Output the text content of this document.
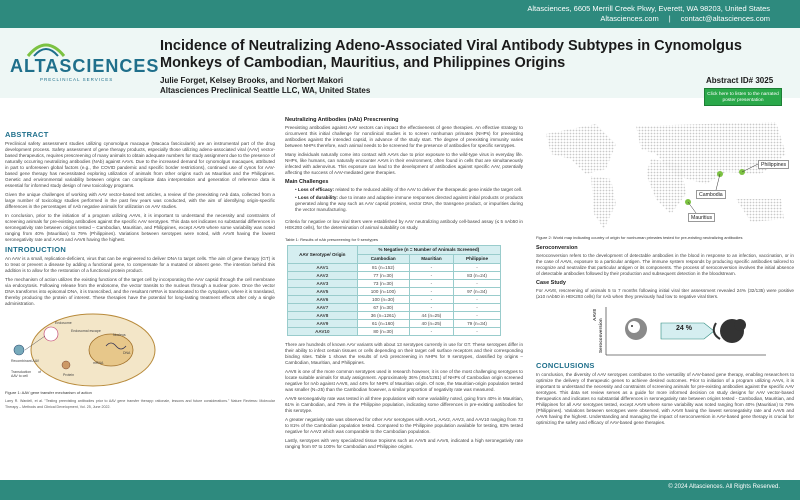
Altasciences, 6605 Merrill Creek Pkwy, Everett, WA 98203, United States
Altasciences.com | contact@altasciences.com
ALTASCIENCES
PRECLINICAL SERVICES
Incidence of Neutralizing Adeno-Associated Viral Antibody Subtypes in Cynomolgus Monkeys of Cambodian, Mauritius, and Philippines Origins
Julie Forget, Kelsey Brooks, and Norbert Makori
Altasciences Preclinical Seattle LLC, WA, United States
Abstract ID# 3025
Click here to listen to the narrated poster presentation
ABSTRACT

Preclinical safety assessment studies utilizing cynomolgus macaque (Macaca fascicularis) are an instrumental part of the drug development process. Safety assessment of gene therapy products, especially those utilizing adeno-associated viral (AAV) vector-based therapeutics, requires prescreening of many animals to obtain adequate numbers for study assignment due to the presence of naturally occurring neutralizing antibodies (NAb) against AAVs. Due to the increased demand for cynomolgus macaques, attributed in part to unforeseen global factors (e.g., the COVID pandemic and specific border restrictions), continued use of cynos for AAV-based gene therapy has necessitated exploring utilization of animals from other origins such as Mauritius and the Philippines. Genetic and environmental variability between origins can complicate data interpretation and generation of reference data is essential for informed study design of new toxicology programs.

Given the unique challenges of working with AAV vector-based test articles, a review of the preexisting nAb data, collected from a large number of toxicology studies performed in the past few years was conducted, with the aim of identifying origin-specific differences in the percentages of nAb negative animals for utilization on AAV studies.

In conclusion, prior to the initiation of a program utilizing AAVs, it is important to understand the necessity and constraints of screening animals for pre-existing antibodies against the specific AAV serotypes. This data set indicates no substantial differences in seronegativity rate between origins tested – Cambodian, Mauritian, and Philippines, except AAV9 where some variability was noted ranging from 40% (Mauritian) to 79% (Philippines). Variations between serotypes were noted, with AAV8 having the lowest seronegativity rate and AAV5 and AAV6 having the highest.

INTRODUCTION

An AAV is a small, replication-deficient, virus that can be engineered to deliver DNA to target cells. The aim of gene therapy (GT) is to treat or prevent a disease by adding a functional gene, to compensate for a mutated or absent gene. The intention behind this addition is to allow for the restoration of a functional protein product.

The mechanism of action utilizes the existing functions of the target cell by incorporating the AAV capsid through the cell membrane via endocytosis. Following release from the endosome, the vector transits to the nucleus through a nuclear pore. Once the vector DNA transforms into episomal DNA, it is transcribed, and the resultant mRNA is translocated to the cytoplasm, where it is translated, thereby producing the protein of interest. These therapies have the potential for long-lasting treatment effects after only a single administration.

Recombinant AAV
Endosome
Endosomal escape
Nucleus
DNA
mRNA
Transduction of AAV to cell	Protein
Figure 1: AAV gene transfer mechanism of action
Larry R. Wardell, et al. "Testing preexisting antibodies prior to AAV gene transfer therapy: rationale, lessons and future considerations." Nature Reviews: Molecular Therapy – Methods and Clinical Development, Vol. 25, June 2022.
Neutralizing Antibodies (nAb) Prescreening

Preexisting antibodies against AAV vectors can impact the effectiveness of gene therapies. An effective strategy to circumvent this initial challenge for nonclinical studies is to screen nonhuman primates (NHPs) for preexisting antibodies against the intended capsid, in advance of the study start. The degree of preexisting immunity varies between NHPs therefore, each animal needs to be screened for the presence of antibodies for specific serotypes.

Many individuals naturally come into contact with AAVs due to prior exposure to the wild-type virus in everyday life. NHPs, like humans, can naturally encounter AAVs in their environment, often found in cells that are simultaneously infected with adenovirus. This exposure can lead to the development of antibodies against specific AAV, potentially affecting the success of AAV-mediated gene therapies.

Main Challenges
• Loss of efficacy: related to the reduced ability of the AAV to deliver the therapeutic gene inside the target cell.
• Loss of durability: due to innate and adaptive immune responses directed against initial products or products generated along the way such as AAV capsid proteins, vector DNA, the transgene product, or impurities during the vector manufacturing.

Criteria for negative or low viral titers were established by AAV neutralizing antibody cell-based assay (≤ 5 nAb50 in HEK293 cells), for the determination of animal suitability on study.

Table 1: Results of nAb prescreening for 9 serotypes
AAV Serotype/ Origin	% Negative (n = Number of Animals Screened)		
	Cambodian	Mauritian	Philippine
AAV1	81 (n=152)	-	-
AAV2	77 (n=30)	-	83 (n=24)
AAV3	73 (n=30)	-	-
AAV5	100 (n=100)	-	97 (n=34)
AAV6	100 (n=30)	-	-
AAV7	67 (n=30)	-	-
AAV8	36 (n=1261)	44 (n=25)	-
AAV9	61 (n=160)	40 (n=25)	79 (n=34)
AAV10	80 (n=30)	-	-

There are hundreds of known AAV variants with about 13 serotypes currently in use for GT. These serotypes differ in their ability to infect certain tissues or cells depending on their target cell surface receptors and their corresponding binding sites. Table 1 shows the results of nAb prescreening in NHPs for 9 serotypes, classified by origins – Cambodian, Mauritian, and Philippines.

AAV8 is one of the more common serotypes used in research however, it is one of the most challenging serotypes to locate suitable animals for study assignment. Approximately 36% (454/1261) of NHPs of Cambodian origin screened negative for nAb against AAV8, and 44% for NHPs of Mauritian origin. Of note, the Mauritian-origin population tested was smaller (N=25) than the Cambodian however, a similar proportion of negativity rate was measured.

AAV9 seronegativity rate was tested in all three populations with some variability noted, going from 40% in Mauritian, 61% in Cambodian, and 79% in the Philippine population, indicating some differences in pre-existing antibodies for this serotype.

A greater negativity rate was observed for other AAV serotypes with AAV1, AAV2, AAV3, and AAV10 ranging from 73 to 81% of the Cambodian population tested. Compared to the Philippine population available for testing, 83% tested negative for AAV2 which was comparable to the Cambodian population.

Lastly, serotypes with very specialized tissue tropisms such as AAV5 and AAV6, indicated a high seronegativity rate ranging from 97 to 100% for Cambodian and Philippine origins.

Philippines
Cambodia
Mauritius
Figure 2: World map indicating country of origin for nonhuman primates tested for pre-existing neutralizing antibodies
Seroconversion

Seroconversion refers to the development of detectable antibodies in the blood in response to an infection, vaccination, or in the case of AAVs, exposure to a particular antigen. The immune system responds by producing specific antibodies tailored to recognize and neutralize that particular antigen or its components. The process of seroconversion involves the initial absence of detectable antibodies followed by their production and subsequent detection in the bloodstream.

Case Study

For AAV8, rescreening of animals 5 to 7 months following initial viral titer assessment revealed 24% (32/135) were positive (≥10 nAb50 in HEK293 cells) for nAb when they previously had low to negative viral titers.

AAV8
Seroconversion	24 %
CONCLUSIONS

In conclusion, the diversity of AAV serotypes contributes to the versatility of AAV-based gene therapy, enabling researchers to optimize the delivery of therapeutic genes to achieve desired outcomes. Prior to initiation of a program utilizing AAVs, it is important to understand the necessity and constraints of screening animals for pre-existing antibodies against the specific AAV serotypes. This data set review serves as a guide for more informed decision on study designs for AAV vector-based therapeutics and indicates no substantial differences in seronegativity rate between origins tested - Cambodian, Mauritian, and Philippines for all AAV serotypes tested, except AAV9 where some variability was noted ranging from 40% (Mauritian) to 79% (Philippines). Variations between serotypes were observed, with AAV8 having the lowest seronegativity rate and AAV5 and AAV6 having the highest. Understanding and managing the impact of seroconversion in AAV-based gene therapy is crucial for optimizing the safety and efficacy of AAV-based gene therapies.

© 2024 Altasciences. All Rights Reserved.
